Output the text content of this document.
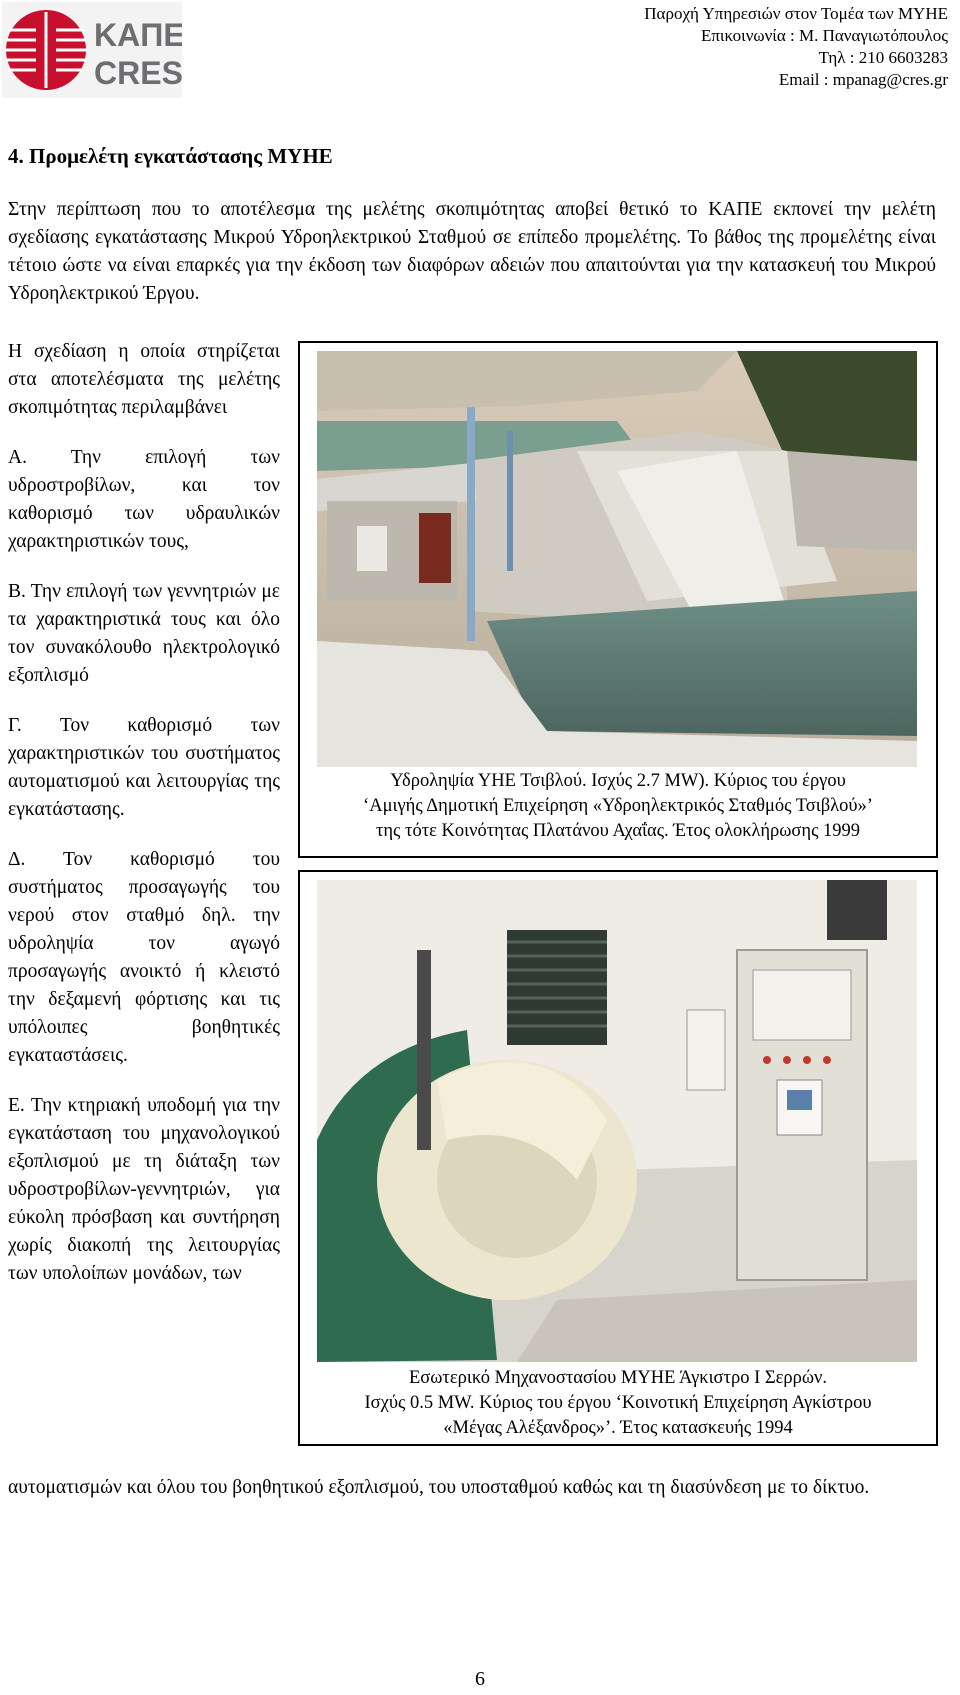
ΚΑΠΕ
CRES
Παροχή Υπηρεσιών στον Τομέα των ΜΥΗΕ
Επικοινωνία : Μ. Παναγιωτόπουλος
Τηλ : 210 6603283
Email : mpanag@cres.gr
4. Προμελέτη εγκατάστασης ΜΥΗΕ

Στην περίπτωση που το αποτέλεσμα της μελέτης σκοπιμότητας αποβεί θετικό το ΚΑΠΕ εκπονεί την μελέτη σχεδίασης εγκατάστασης Μικρού Υδροηλεκτρικού Σταθμού σε επίπεδο προμελέτης. Το βάθος της προμελέτης είναι τέτοιο ώστε να είναι επαρκές για την έκδοση των διαφόρων αδειών που απαιτούνται για την κατασκευή του Μικρού Υδροηλεκτρικού Έργου.

Η σχεδίαση η οποία στηρίζεται στα αποτελέσματα της μελέτης σκοπιμότητας περιλαμβάνει

Α. Την επιλογή των υδροστροβίλων, και τον καθορισμό των υδραυλικών χαρακτηριστικών τους,

Β. Την επιλογή των γεννητριών με τα χαρακτηριστικά τους και όλο τον συνακόλουθο ηλεκτρολογικό εξοπλισμό

Γ. Τον καθορισμό των χαρακτηριστικών του συστήματος αυτοματισμού και λειτουργίας της εγκατάστασης.

Δ. Τον καθορισμό του συστήματος προσαγωγής του νερού στον σταθμό δηλ. την υδροληψία τον αγωγό προσαγωγής ανοικτό ή κλειστό την δεξαμενή φόρτισης και τις υπόλοιπες βοηθητικές εγκαταστάσεις.

Ε. Την κτηριακή υποδομή για την εγκατάσταση του μηχανολογικού εξοπλισμού με τη διάταξη των υδροστροβίλων-γεννητριών, για εύκολη πρόσβαση και συντήρηση χωρίς διακοπή της λειτουργίας των υπολοίπων μονάδων, των

Υδροληψία ΥΗΕ Τσιβλού. Ισχύς 2.7 MW). Κύριος του έργου
‘Αμιγής Δημοτική Επιχείρηση «Υδροηλεκτρικός Σταθμός Τσιβλού»’
της τότε Κοινότητας Πλατάνου Αχαΐας. Έτος ολοκλήρωσης 1999
Εσωτερικό Μηχανοστασίου ΜΥΗΕ Άγκιστρο Ι Σερρών.
Ισχύς 0.5 MW. Κύριος του έργου ‘Κοινοτική Επιχείρηση Αγκίστρου
«Μέγας Αλέξανδρος»’. Έτος κατασκευής 1994

αυτοματισμών και όλου του βοηθητικού εξοπλισμού, του υποσταθμού καθώς και τη διασύνδεση με το δίκτυο.

6
